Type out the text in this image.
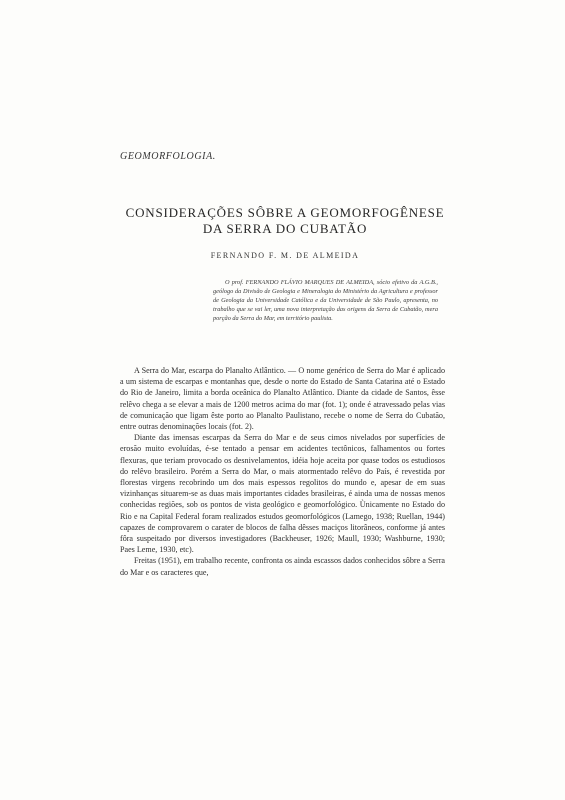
GEOMORFOLOGIA.
CONSIDERAÇÕES SÔBRE A GEOMORFOGÊNESE DA SERRA DO CUBATÃO
FERNANDO F. M. DE ALMEIDA

O prof. FERNANDO FLÁVIO MARQUES DE ALMEIDA, sócio efetivo da A.G.B., geólogo da Divisão de Geologia e Mineralogia do Ministério da Agricultura e professor de Geologia da Universidade Católica e da Universidade de São Paulo, apresenta, no trabalho que se vai ler, uma nova interpretação das origens da Serra de Cubatão, mera porção da Serra do Mar, em território paulista.

A Serra do Mar, escarpa do Planalto Atlântico. — O nome genérico de Serra do Mar é aplicado a um sistema de escarpas e montanhas que, desde o norte do Estado de Santa Catarina até o Estado do Rio de Janeiro, limita a borda oceânica do Planalto Atlântico. Diante da cidade de Santos, êsse relêvo chega a se elevar a mais de 1200 metros acima do mar (fot. 1); onde é atravessado pelas vias de comunicação que ligam êste porto ao Planalto Paulistano, recebe o nome de Serra do Cubatão, entre outras denominações locais (fot. 2).

Diante das imensas escarpas da Serra do Mar e de seus cimos nivelados por superfícies de erosão muito evoluídas, é-se tentado a pensar em acidentes tectônicos, falhamentos ou fortes flexuras, que teriam provocado os desnivelamentos, idéia hoje aceita por quase todos os estudiosos do relêvo brasileiro. Porém a Serra do Mar, o mais atormentado relêvo do País, é revestida por florestas virgens recobrindo um dos mais espessos regolitos do mundo e, apesar de em suas vizinhanças situarem-se as duas mais importantes cidades brasileiras, é ainda uma de nossas menos conhecidas regiões, sob os pontos de vista geológico e geomorfológico. Ùnicamente no Estado do Rio e na Capital Federal foram realizados estudos geomorfológicos (Lamego, 1938; Ruellan, 1944) capazes de comprovarem o carater de blocos de falha dêsses maciços litorâneos, conforme já antes fôra suspeitado por diversos investigadores (Backheuser, 1926; Maull, 1930; Washburne, 1930; Paes Leme, 1930, etc).

Freitas (1951), em trabalho recente, confronta os ainda escassos dados conhecidos sôbre a Serra do Mar e os caracteres que,
